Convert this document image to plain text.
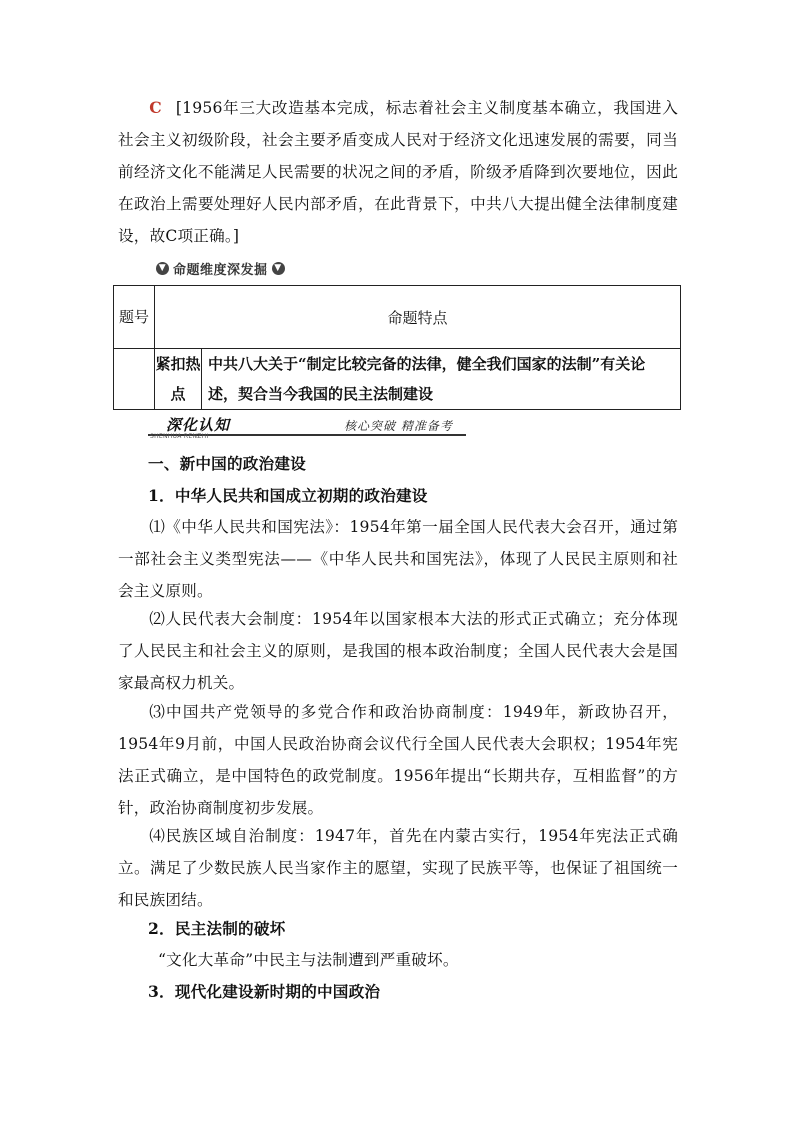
C [1956年三大改造基本完成，标志着社会主义制度基本确立，我国进入社会主义初级阶段，社会主要矛盾变成人民对于经济文化迅速发展的需要，同当前经济文化不能满足人民需要的状况之间的矛盾，阶级矛盾降到次要地位，因此在政治上需要处理好人民内部矛盾，在此背景下，中共八大提出健全法律制度建设，故C项正确。]
▼ 命题维度深发掘 ▼
题号	命题特点	
	紧扣热点	中共八大关于“制定比较完备的法律，健全我们国家的法制”有关论述，契合当今我国的民主法制建设
深化认知
SHENHUA RENZHI
核心突破 精准备考
一、新中国的政治建设
1．中华人民共和国成立初期的政治建设
⑴《中华人民共和国宪法》：1954年第一届全国人民代表大会召开，通过第一部社会主义类型宪法——《中华人民共和国宪法》，体现了人民民主原则和社会主义原则。
⑵人民代表大会制度：1954年以国家根本大法的形式正式确立；充分体现了人民民主和社会主义的原则，是我国的根本政治制度；全国人民代表大会是国家最高权力机关。
⑶中国共产党领导的多党合作和政治协商制度：1949年，新政协召开，1954年9月前，中国人民政治协商会议代行全国人民代表大会职权；1954年宪法正式确立，是中国特色的政党制度。1956年提出“长期共存，互相监督”的方针，政治协商制度初步发展。
⑷民族区域自治制度：1947年，首先在内蒙古实行，1954年宪法正式确立。满足了少数民族人民当家作主的愿望，实现了民族平等，也保证了祖国统一和民族团结。
2．民主法制的破坏
“文化大革命”中民主与法制遭到严重破坏。
3．现代化建设新时期的中国政治
